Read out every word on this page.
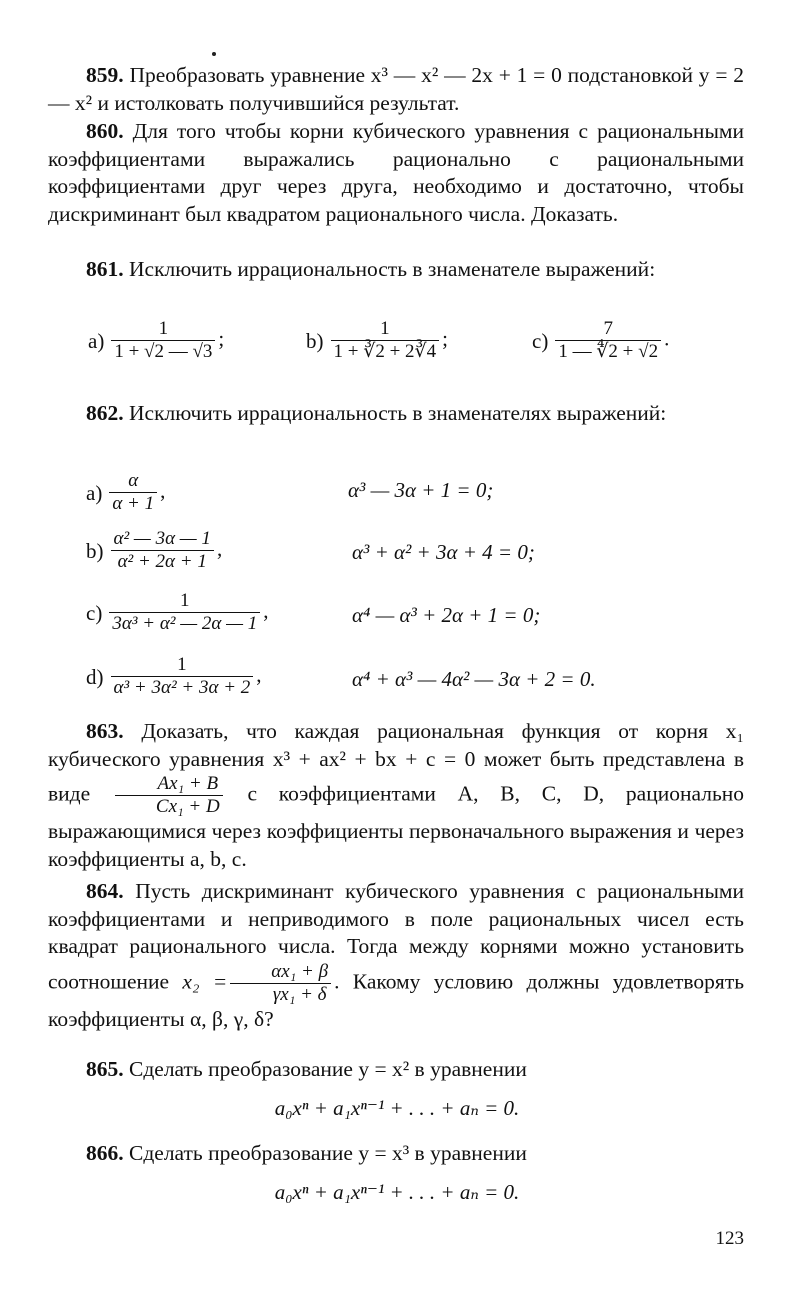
859. Преобразовать уравнение x³ — x² — 2x + 1 = 0 подстановкой y = 2 — x² и истолковать получившийся результат.
860. Для того чтобы корни кубического уравнения с рациональными коэффициентами выражались рационально с рациональными коэффициентами друг через друга, необходимо и достаточно, чтобы дискриминант был квадратом рационального числа. Доказать.
861. Исключить иррациональность в знаменателе выражений:
$a) \frac{1}{1 + √2 — √3}$ ;	$b) \frac{1}{1 + ∛2 + 2∛4}$ ;	$c) \frac{7}{1 — ∜2 + √2}$ .
862. Исключить иррациональность в знаменателях выражений:
$a) \frac{\alpha}{\alpha + 1}$ ,	α³ — 3α + 1 = 0;
$b) \frac{\text{α² — 3α — 1}}{\text{α² + 2α + 1}}$ ,	α³ + α² + 3α + 4 = 0;
$c) \frac{1}{\text{3α³ + α² — 2α — 1}}$ ,	α⁴ — α³ + 2α + 1 = 0;
$d) \frac{1}{\text{α³ + 3α² + 3α + 2}}$ ,	α⁴ + α³ — 4α² — 3α + 2 = 0.
863. Доказать, что каждая рациональная функция от корня x₁ кубического уравнения x³ + ax² + bx + c = 0 может быть представлена в виде $\frac{\text{Ax₁ + B}}{\text{Cx₁ + D}}$ с коэффициентами A, B, C, D, рационально выражающимися через коэффициенты первоначального выражения и через коэффициенты a, b, c.
864. Пусть дискриминант кубического уравнения с рациональными коэффициентами и неприводимого в поле рациональных чисел есть квадрат рационального числа. Тогда между корнями можно установить соотношение $x_2 = \frac{\text{αx₁ + β}}{\text{γx₁ + δ}}$ . Какому условию должны удовлетворять коэффициенты α, β, γ, δ?
865. Сделать преобразование y = x² в уравнении
a₀xⁿ + a₁xⁿ⁻¹ + . . . + aₙ = 0.
866. Сделать преобразование y = x³ в уравнении
a₀xⁿ + a₁xⁿ⁻¹ + . . . + aₙ = 0.
123
